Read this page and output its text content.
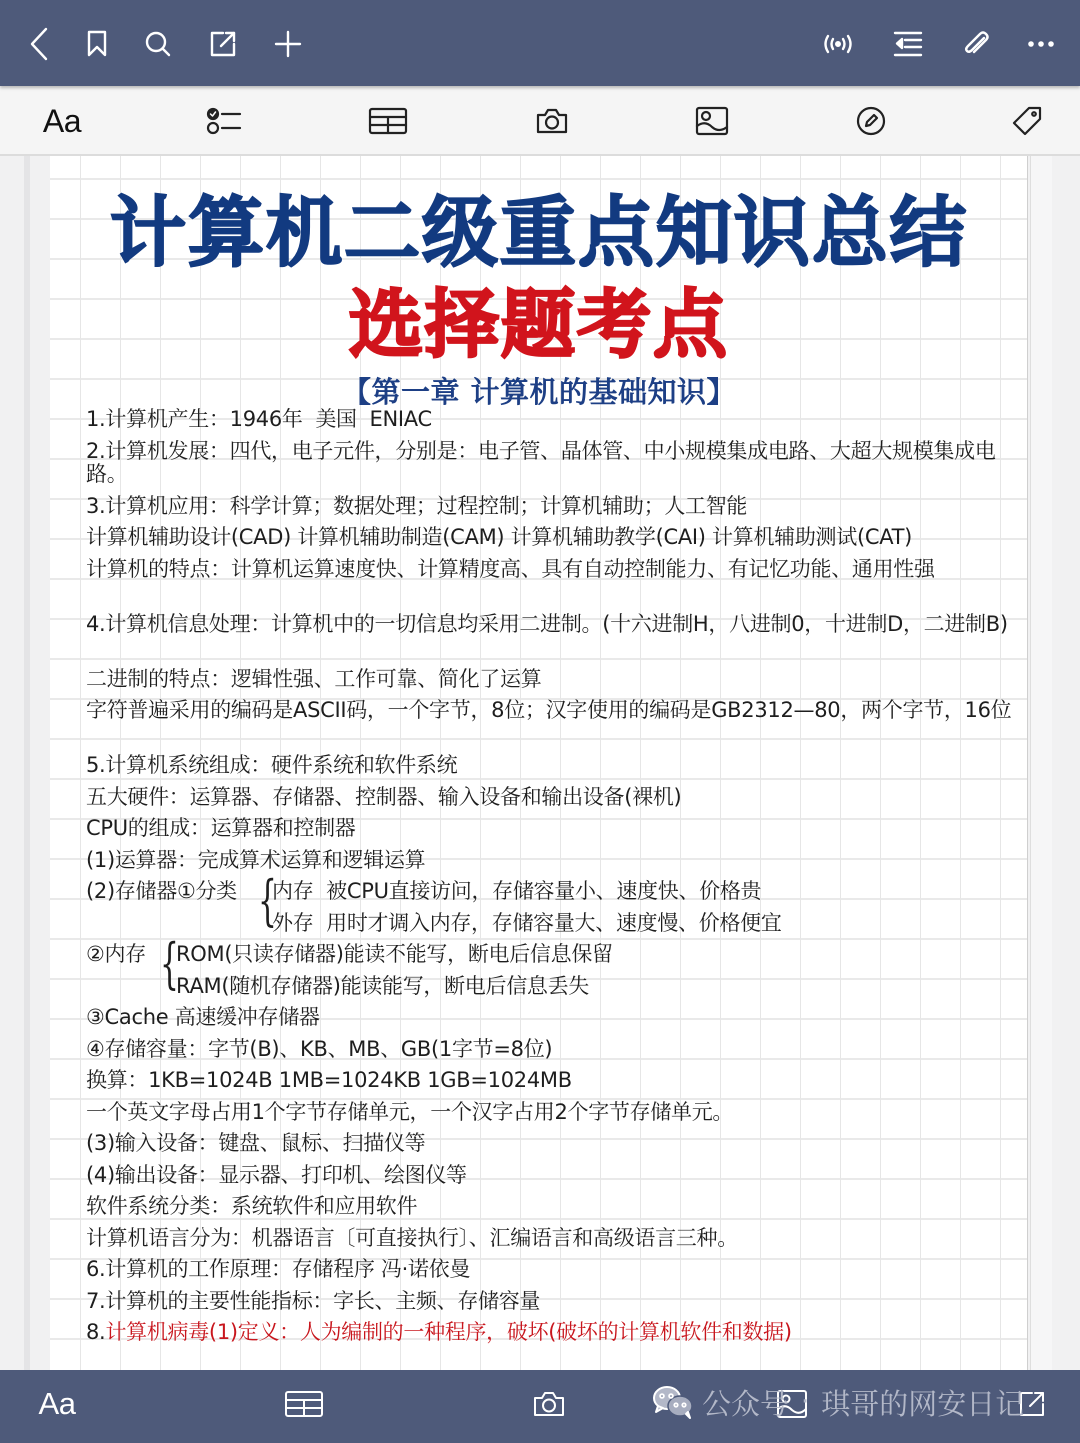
Aa
计算机二级重点知识总结
选择题考点
【第一章 计算机的基础知识】
1.计算机产生：1946年  美国  ENIAC
2.计算机发展：四代，电子元件，分别是：电子管、晶体管、中小规模集成电路、大超大规模集成电路。
3.计算机应用：科学计算；数据处理；过程控制；计算机辅助；人工智能
计算机辅助设计(CAD) 计算机辅助制造(CAM) 计算机辅助教学(CAI) 计算机辅助测试(CAT)
计算机的特点：计算机运算速度快、计算精度高、具有自动控制能力、有记忆功能、通用性强
4.计算机信息处理：计算机中的一切信息均采用二进制。(十六进制H，八进制0，十进制D，二进制B)
二进制的特点：逻辑性强、工作可靠、简化了运算
字符普遍采用的编码是ASCII码，一个字节，8位；汉字使用的编码是GB2312—80，两个字节，16位
5.计算机系统组成：硬件系统和软件系统
五大硬件：运算器、存储器、控制器、输入设备和输出设备(裸机)
CPU的组成：运算器和控制器
(1)运算器：完成算术运算和逻辑运算
(2)存储器①分类 {
内存  被CPU直接访问，存储容量小、速度快、价格贵
外存  用时才调入内存，存储容量大、速度慢、价格便宜
②内存 {
ROM(只读存储器)能读不能写，断电后信息保留
RAM(随机存储器)能读能写，断电后信息丢失
③Cache 高速缓冲存储器
④存储容量：字节(B)、KB、MB、GB(1字节=8位)
换算：1KB=1024B 1MB=1024KB 1GB=1024MB
一个英文字母占用1个字节存储单元，一个汉字占用2个字节存储单元。
(3)输入设备：键盘、鼠标、扫描仪等
(4)输出设备：显示器、打印机、绘图仪等
软件系统分类：系统软件和应用软件
计算机语言分为：机器语言〔可直接执行〕、汇编语言和高级语言三种。
6.计算机的工作原理：存储程序 冯·诺依曼
7.计算机的主要性能指标：字长、主频、存储容量
8.计算机病毒(1)定义：人为编制的一种程序，破坏(破坏的计算机软件和数据)
Aa	公众号 · 琪哥的网安日记
